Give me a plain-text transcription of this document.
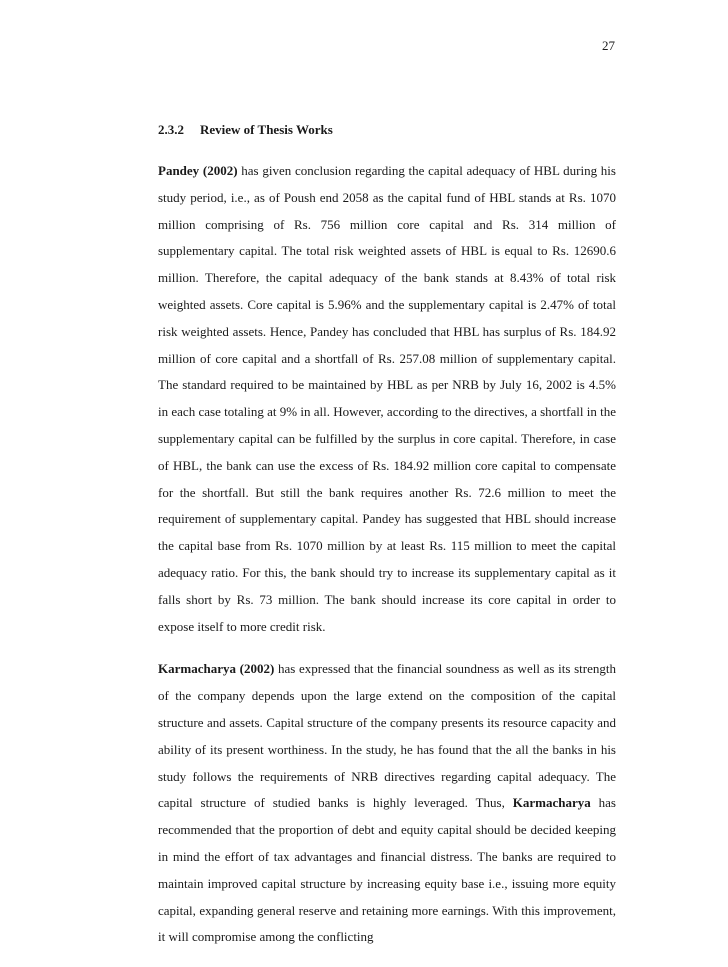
27
2.3.2 Review of Thesis Works

Pandey (2002) has given conclusion regarding the capital adequacy of HBL during his study period, i.e., as of Poush end 2058 as the capital fund of HBL stands at Rs. 1070 million comprising of Rs. 756 million core capital and Rs. 314 million of supplementary capital. The total risk weighted assets of HBL is equal to Rs. 12690.6 million. Therefore, the capital adequacy of the bank stands at 8.43% of total risk weighted assets. Core capital is 5.96% and the supplementary capital is 2.47% of total risk weighted assets. Hence, Pandey has concluded that HBL has surplus of Rs. 184.92 million of core capital and a shortfall of Rs. 257.08 million of supplementary capital. The standard required to be maintained by HBL as per NRB by July 16, 2002 is 4.5% in each case totaling at 9% in all. However, according to the directives, a shortfall in the supplementary capital can be fulfilled by the surplus in core capital. Therefore, in case of HBL, the bank can use the excess of Rs. 184.92 million core capital to compensate for the shortfall. But still the bank requires another Rs. 72.6 million to meet the requirement of supplementary capital. Pandey has suggested that HBL should increase the capital base from Rs. 1070 million by at least Rs. 115 million to meet the capital adequacy ratio. For this, the bank should try to increase its supplementary capital as it falls short by Rs. 73 million. The bank should increase its core capital in order to expose itself to more credit risk.

Karmacharya (2002) has expressed that the financial soundness as well as its strength of the company depends upon the large extend on the composition of the capital structure and assets. Capital structure of the company presents its resource capacity and ability of its present worthiness. In the study, he has found that the all the banks in his study follows the requirements of NRB directives regarding capital adequacy. The capital structure of studied banks is highly leveraged. Thus, Karmacharya has recommended that the proportion of debt and equity capital should be decided keeping in mind the effort of tax advantages and financial distress. The banks are required to maintain improved capital structure by increasing equity base i.e., issuing more equity capital, expanding general reserve and retaining more earnings. With this improvement, it will compromise among the conflicting
